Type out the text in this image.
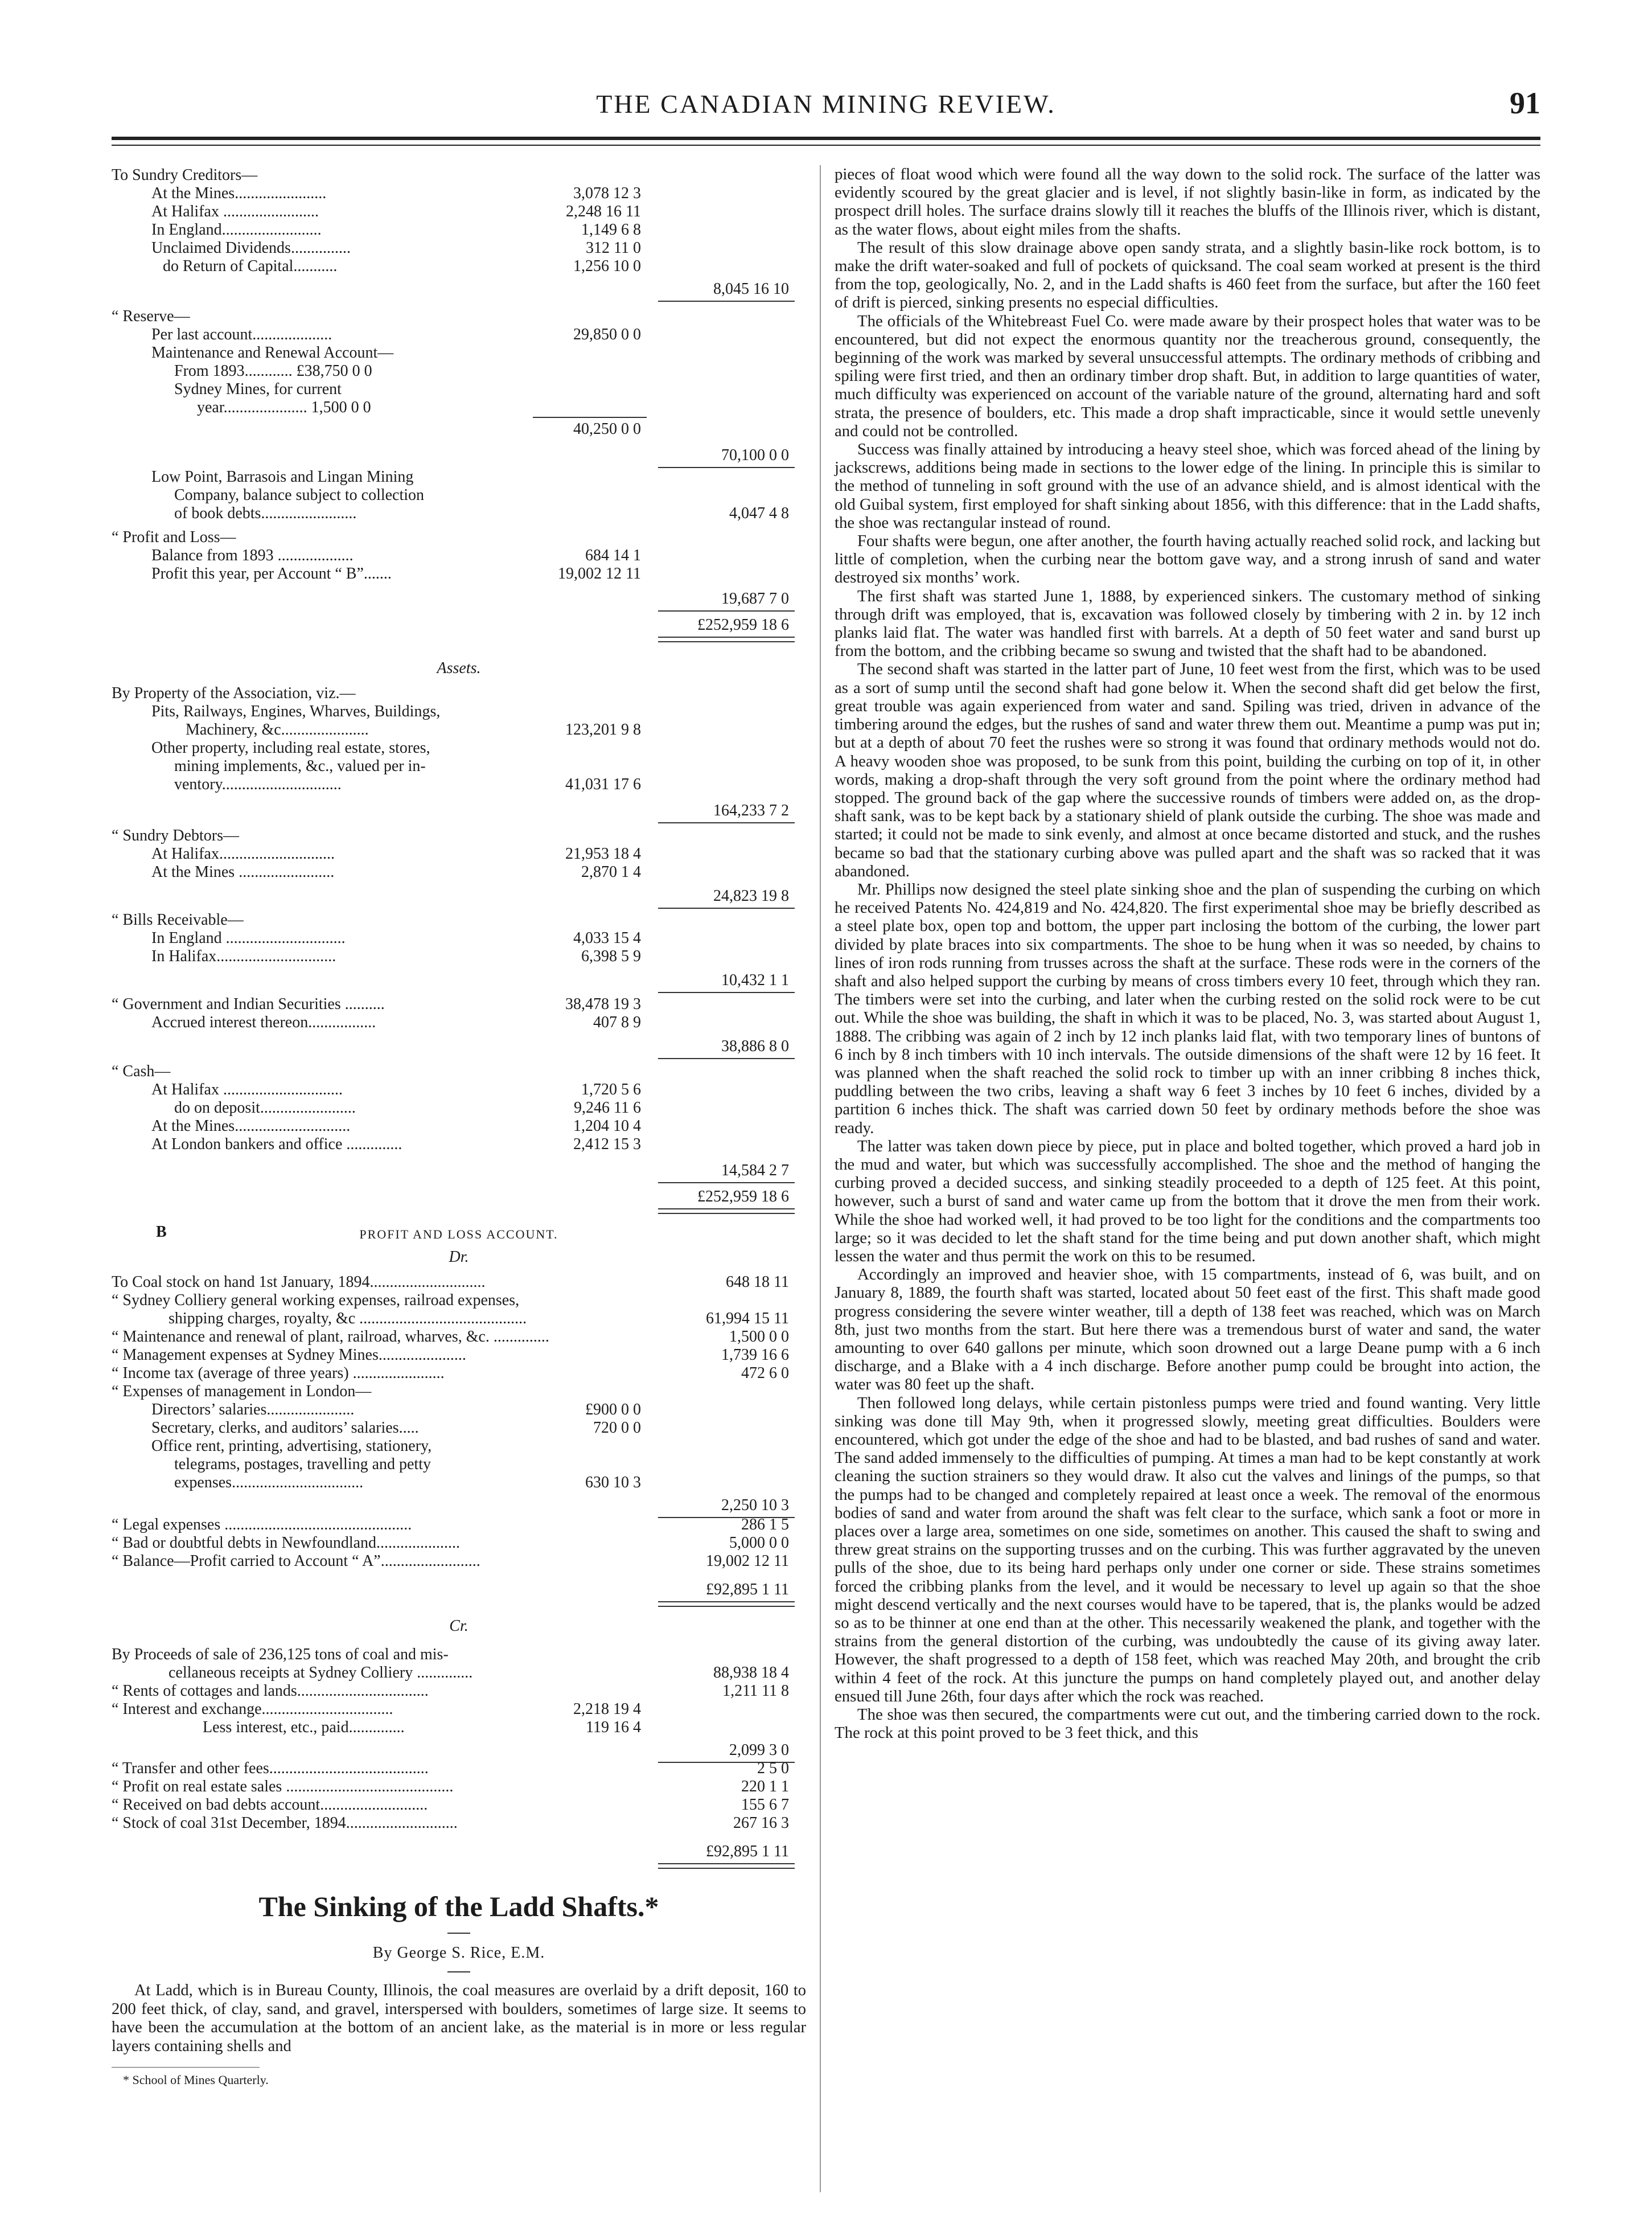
THE CANADIAN MINING REVIEW.	91
To Sundry Creditors—
At the Mines.......................	3,078 12 3
At Halifax ........................	2,248 16 11
In England.........................	1,149 6 8
Unclaimed Dividends...............	312 11 0
do Return of Capital...........	1,256 10 0
8,045 16 10
“ Reserve—
Per last account....................	29,850 0 0
Maintenance and Renewal Account—
From 1893............ £38,750 0 0
Sydney Mines, for current
year..................... 1,500 0 0
40,250 0 0
70,100 0 0
Low Point, Barrasois and Lingan Mining
Company, balance subject to collection
of book debts........................	4,047 4 8
“ Profit and Loss—
Balance from 1893 ...................	684 14 1
Profit this year, per Account “ B”.......	19,002 12 11
19,687 7 0
£252,959 18 6
Assets.
By Property of the Association, viz.—
Pits, Railways, Engines, Wharves, Buildings,
Machinery, &c......................	123,201 9 8
Other property, including real estate, stores,
mining implements, &c., valued per in-
ventory..............................	41,031 17 6
164,233 7 2
“ Sundry Debtors—
At Halifax.............................	21,953 18 4
At the Mines ........................	2,870 1 4
24,823 19 8
“ Bills Receivable—
In England ..............................	4,033 15 4
In Halifax..............................	6,398 5 9
10,432 1 1
“ Government and Indian Securities ..........	38,478 19 3
Accrued interest thereon.................	407 8 9
38,886 8 0
“ Cash—
At Halifax ..............................	1,720 5 6
do on deposit........................	9,246 11 6
At the Mines.............................	1,204 10 4
At London bankers and office ..............	2,412 15 3
14,584 2 7
£252,959 18 6
B	PROFIT AND LOSS ACCOUNT.
Dr.
To Coal stock on hand 1st January, 1894.............................	648 18 11
“ Sydney Colliery general working expenses, railroad expenses,
shipping charges, royalty, &c ..........................................	61,994 15 11
“ Maintenance and renewal of plant, railroad, wharves, &c. ..............	1,500 0 0
“ Management expenses at Sydney Mines......................	1,739 16 6
“ Income tax (average of three years) .......................	472 6 0
“ Expenses of management in London—
Directors’ salaries......................	£900 0 0
Secretary, clerks, and auditors’ salaries.....	720 0 0
Office rent, printing, advertising, stationery,
telegrams, postages, travelling and petty
expenses.................................	630 10 3
2,250 10 3
“ Legal expenses ...............................................	286 1 5
“ Bad or doubtful debts in Newfoundland.....................	5,000 0 0
“ Balance—Profit carried to Account “ A”.........................	19,002 12 11
£92,895 1 11
Cr.
By Proceeds of sale of 236,125 tons of coal and mis-
cellaneous receipts at Sydney Colliery ..............	88,938 18 4
“ Rents of cottages and lands.................................	1,211 11 8
“ Interest and exchange.................................	2,218 19 4
Less interest, etc., paid..............	119 16 4
2,099 3 0
“ Transfer and other fees........................................	2 5 0
“ Profit on real estate sales ..........................................	220 1 1
“ Received on bad debts account...........................	155 6 7
“ Stock of coal 31st December, 1894............................	267 16 3
£92,895 1 11
The Sinking of the Ladd Shafts.*
By George S. Rice, E.M.
At Ladd, which is in Bureau County, Illinois, the coal measures are overlaid by a drift deposit, 160 to 200 feet thick, of clay, sand, and gravel, interspersed with boulders, sometimes of large size. It seems to have been the accumulation at the bottom of an ancient lake, as the material is in more or less regular layers containing shells and
* School of Mines Quarterly.

pieces of float wood which were found all the way down to the solid rock. The surface of the latter was evidently scoured by the great glacier and is level, if not slightly basin-like in form, as indicated by the prospect drill holes. The surface drains slowly till it reaches the bluffs of the Illinois river, which is distant, as the water flows, about eight miles from the shafts.

The result of this slow drainage above open sandy strata, and a slightly basin-like rock bottom, is to make the drift water-soaked and full of pockets of quicksand. The coal seam worked at present is the third from the top, geologically, No. 2, and in the Ladd shafts is 460 feet from the surface, but after the 160 feet of drift is pierced, sinking presents no especial difficulties.

The officials of the Whitebreast Fuel Co. were made aware by their prospect holes that water was to be encountered, but did not expect the enormous quantity nor the treacherous ground, consequently, the beginning of the work was marked by several unsuccessful attempts. The ordinary methods of cribbing and spiling were first tried, and then an ordinary timber drop shaft. But, in addition to large quantities of water, much difficulty was experienced on account of the variable nature of the ground, alternating hard and soft strata, the presence of boulders, etc. This made a drop shaft impracticable, since it would settle unevenly and could not be controlled.

Success was finally attained by introducing a heavy steel shoe, which was forced ahead of the lining by jackscrews, additions being made in sections to the lower edge of the lining. In principle this is similar to the method of tunneling in soft ground with the use of an advance shield, and is almost identical with the old Guibal system, first employed for shaft sinking about 1856, with this difference: that in the Ladd shafts, the shoe was rectangular instead of round.

Four shafts were begun, one after another, the fourth having actually reached solid rock, and lacking but little of completion, when the curbing near the bottom gave way, and a strong inrush of sand and water destroyed six months’ work.

The first shaft was started June 1, 1888, by experienced sinkers. The customary method of sinking through drift was employed, that is, excavation was followed closely by timbering with 2 in. by 12 inch planks laid flat. The water was handled first with barrels. At a depth of 50 feet water and sand burst up from the bottom, and the cribbing became so swung and twisted that the shaft had to be abandoned.

The second shaft was started in the latter part of June, 10 feet west from the first, which was to be used as a sort of sump until the second shaft had gone below it. When the second shaft did get below the first, great trouble was again experienced from water and sand. Spiling was tried, driven in advance of the timbering around the edges, but the rushes of sand and water threw them out. Meantime a pump was put in; but at a depth of about 70 feet the rushes were so strong it was found that ordinary methods would not do. A heavy wooden shoe was proposed, to be sunk from this point, building the curbing on top of it, in other words, making a drop-shaft through the very soft ground from the point where the ordinary method had stopped. The ground back of the gap where the successive rounds of timbers were added on, as the drop-shaft sank, was to be kept back by a stationary shield of plank outside the curbing. The shoe was made and started; it could not be made to sink evenly, and almost at once became distorted and stuck, and the rushes became so bad that the stationary curbing above was pulled apart and the shaft was so racked that it was abandoned.

Mr. Phillips now designed the steel plate sinking shoe and the plan of suspending the curbing on which he received Patents No. 424,819 and No. 424,820. The first experimental shoe may be briefly described as a steel plate box, open top and bottom, the upper part inclosing the bottom of the curbing, the lower part divided by plate braces into six compartments. The shoe to be hung when it was so needed, by chains to lines of iron rods running from trusses across the shaft at the surface. These rods were in the corners of the shaft and also helped support the curbing by means of cross timbers every 10 feet, through which they ran. The timbers were set into the curbing, and later when the curbing rested on the solid rock were to be cut out. While the shoe was building, the shaft in which it was to be placed, No. 3, was started about August 1, 1888. The cribbing was again of 2 inch by 12 inch planks laid flat, with two temporary lines of buntons of 6 inch by 8 inch timbers with 10 inch intervals. The outside dimensions of the shaft were 12 by 16 feet. It was planned when the shaft reached the solid rock to timber up with an inner cribbing 8 inches thick, puddling between the two cribs, leaving a shaft way 6 feet 3 inches by 10 feet 6 inches, divided by a partition 6 inches thick. The shaft was carried down 50 feet by ordinary methods before the shoe was ready.

The latter was taken down piece by piece, put in place and bolted together, which proved a hard job in the mud and water, but which was successfully accomplished. The shoe and the method of hanging the curbing proved a decided success, and sinking steadily proceeded to a depth of 125 feet. At this point, however, such a burst of sand and water came up from the bottom that it drove the men from their work. While the shoe had worked well, it had proved to be too light for the conditions and the compartments too large; so it was decided to let the shaft stand for the time being and put down another shaft, which might lessen the water and thus permit the work on this to be resumed.

Accordingly an improved and heavier shoe, with 15 compartments, instead of 6, was built, and on January 8, 1889, the fourth shaft was started, located about 50 feet east of the first. This shaft made good progress considering the severe winter weather, till a depth of 138 feet was reached, which was on March 8th, just two months from the start. But here there was a tremendous burst of water and sand, the water amounting to over 640 gallons per minute, which soon drowned out a large Deane pump with a 6 inch discharge, and a Blake with a 4 inch discharge. Before another pump could be brought into action, the water was 80 feet up the shaft.

Then followed long delays, while certain pistonless pumps were tried and found wanting. Very little sinking was done till May 9th, when it progressed slowly, meeting great difficulties. Boulders were encountered, which got under the edge of the shoe and had to be blasted, and bad rushes of sand and water. The sand added immensely to the difficulties of pumping. At times a man had to be kept constantly at work cleaning the suction strainers so they would draw. It also cut the valves and linings of the pumps, so that the pumps had to be changed and completely repaired at least once a week. The removal of the enormous bodies of sand and water from around the shaft was felt clear to the surface, which sank a foot or more in places over a large area, sometimes on one side, sometimes on another. This caused the shaft to swing and threw great strains on the supporting trusses and on the curbing. This was further aggravated by the uneven pulls of the shoe, due to its being hard perhaps only under one corner or side. These strains sometimes forced the cribbing planks from the level, and it would be necessary to level up again so that the shoe might descend vertically and the next courses would have to be tapered, that is, the planks would be adzed so as to be thinner at one end than at the other. This necessarily weakened the plank, and together with the strains from the general distortion of the curbing, was undoubtedly the cause of its giving away later. However, the shaft progressed to a depth of 158 feet, which was reached May 20th, and brought the crib within 4 feet of the rock. At this juncture the pumps on hand completely played out, and another delay ensued till June 26th, four days after which the rock was reached.

The shoe was then secured, the compartments were cut out, and the timbering carried down to the rock. The rock at this point proved to be 3 feet thick, and this
